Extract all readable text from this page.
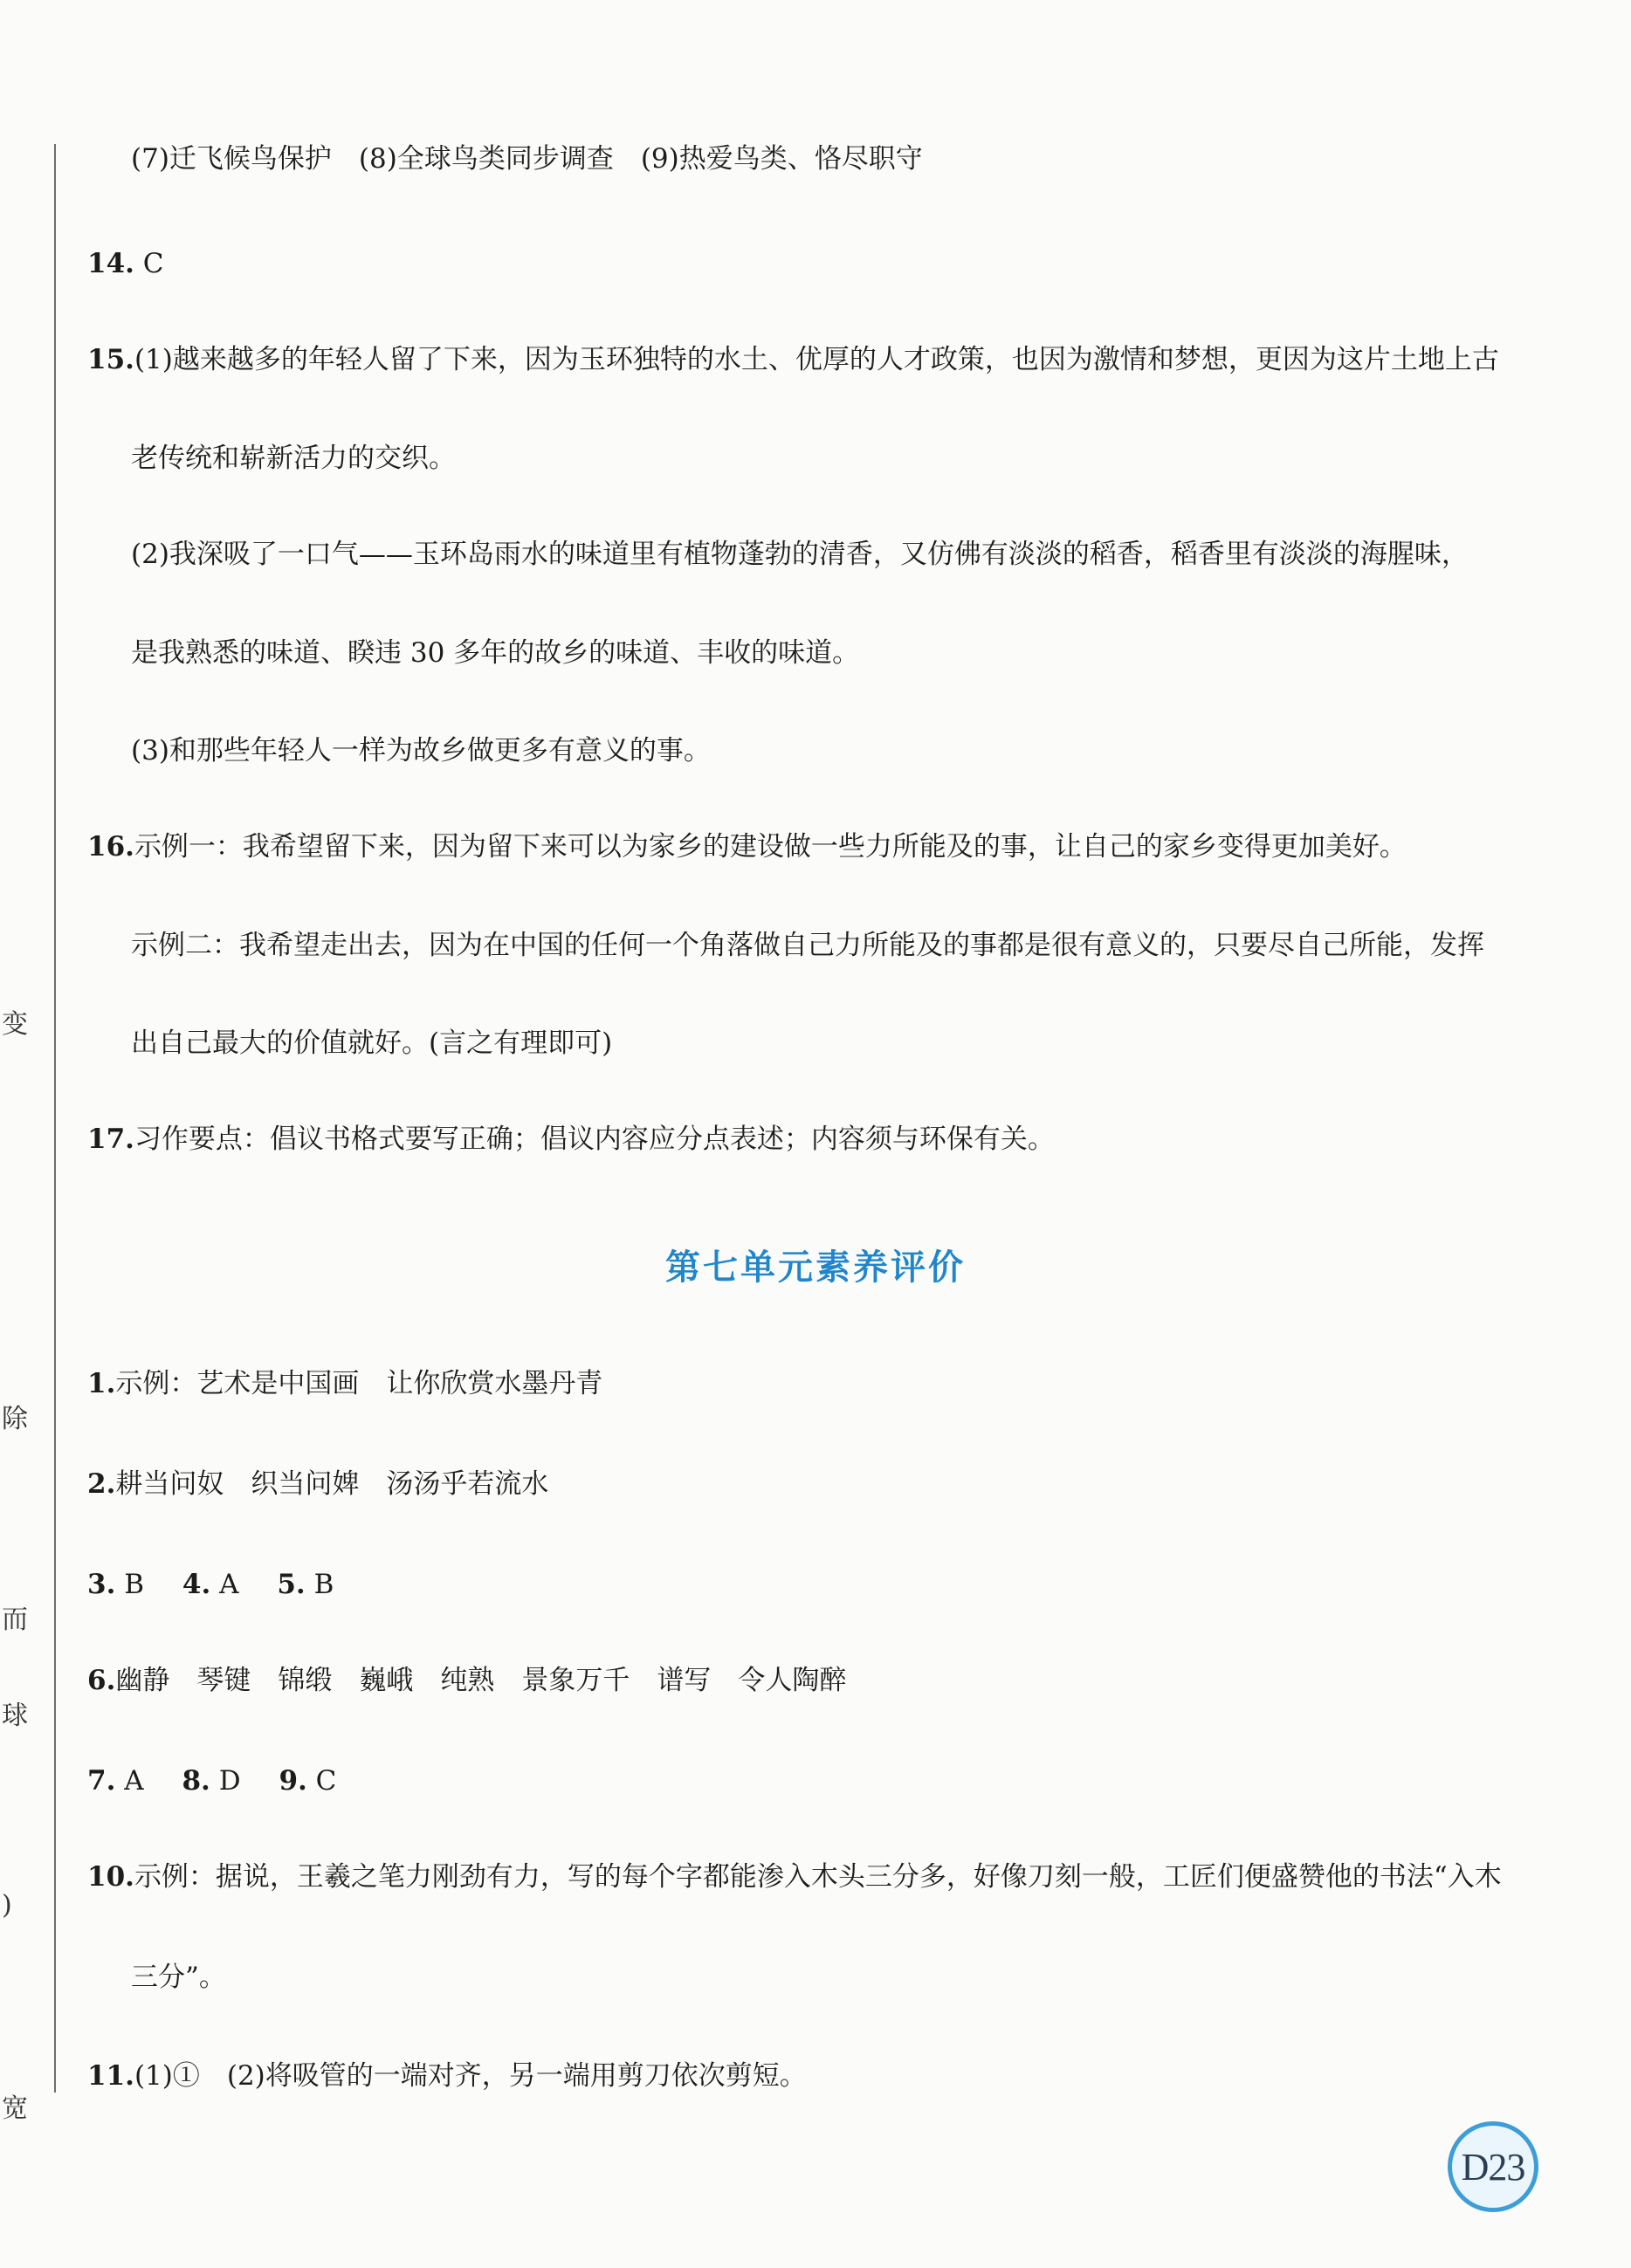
变
除
而
球
)
宽
(7)迁飞候鸟保护　(8)全球鸟类同步调查　(9)热爱鸟类、恪尽职守
14. C
15.(1)越来越多的年轻人留了下来，因为玉环独特的水土、优厚的人才政策，也因为激情和梦想，更因为这片土地上古
老传统和崭新活力的交织。
(2)我深吸了一口气——玉环岛雨水的味道里有植物蓬勃的清香，又仿佛有淡淡的稻香，稻香里有淡淡的海腥味，
是我熟悉的味道、睽违 30 多年的故乡的味道、丰收的味道。
(3)和那些年轻人一样为故乡做更多有意义的事。
16.示例一：我希望留下来，因为留下来可以为家乡的建设做一些力所能及的事，让自己的家乡变得更加美好。
示例二：我希望走出去，因为在中国的任何一个角落做自己力所能及的事都是很有意义的，只要尽自己所能，发挥
出自己最大的价值就好。(言之有理即可)
17.习作要点：倡议书格式要写正确；倡议内容应分点表述；内容须与环保有关。
第七单元素养评价
1.示例：艺术是中国画　让你欣赏水墨丹青
2.耕当问奴　织当问婢　汤汤乎若流水
3. B 4. A 5. B
6.幽静　琴键　锦缎　巍峨　纯熟　景象万千　谱写　令人陶醉
7. A 8. D 9. C
10.示例：据说，王羲之笔力刚劲有力，写的每个字都能渗入木头三分多，好像刀刻一般，工匠们便盛赞他的书法“入木
三分”。
11.(1)①　(2)将吸管的一端对齐，另一端用剪刀依次剪短。
D23
